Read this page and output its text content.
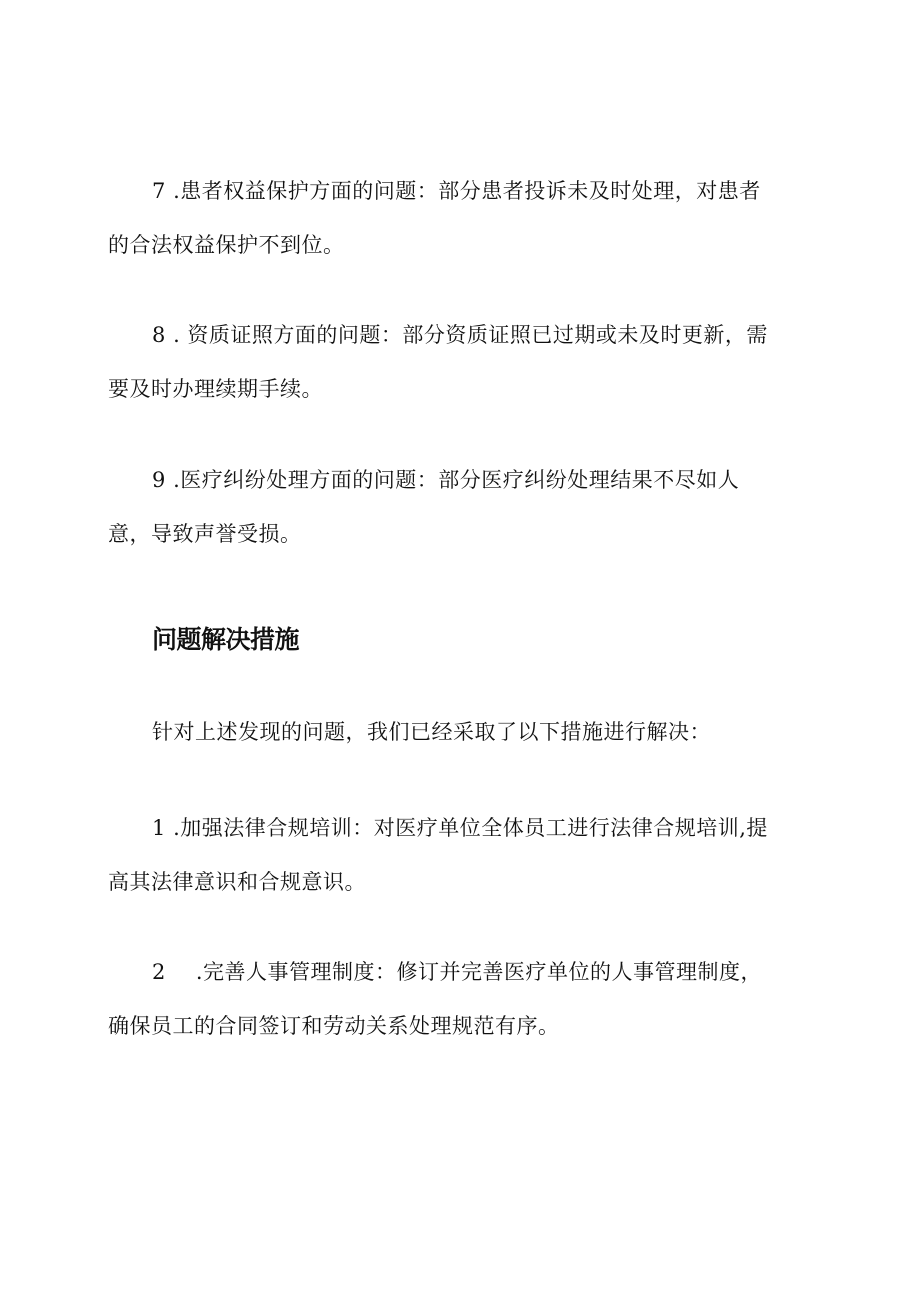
7 .患者权益保护方面的问题：部分患者投诉未及时处理，对患者
的合法权益保护不到位。

8 . 资质证照方面的问题：部分资质证照已过期或未及时更新，需
要及时办理续期手续。

9 .医疗纠纷处理方面的问题：部分医疗纠纷处理结果不尽如人
意，导致声誉受损。

问题解决措施

针对上述发现的问题，我们已经采取了以下措施进行解决：

1 .加强法律合规培训：对医疗单位全体员工进行法律合规培训,提
高其法律意识和合规意识。

2 .完善人事管理制度：修订并完善医疗单位的人事管理制度，
确保员工的合同签订和劳动关系处理规范有序。
